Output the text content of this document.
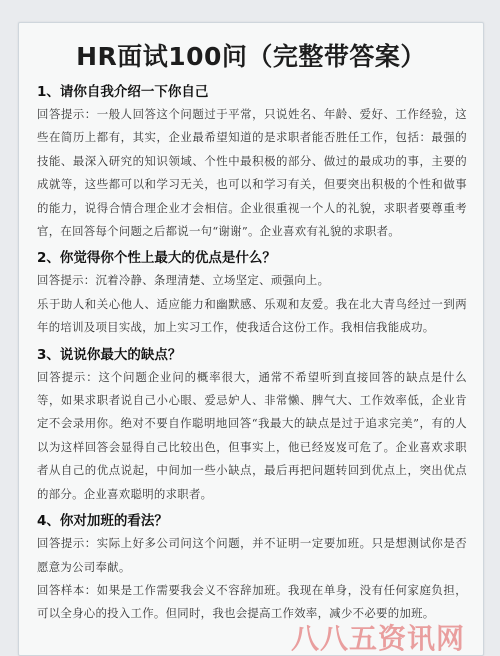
HR面试100问（完整带答案）

1、请你自我介绍一下你自己

回答提示：一般人回答这个问题过于平常，只说姓名、年龄、爱好、工作经验，这些在简历上都有，其实，企业最希望知道的是求职者能否胜任工作，包括：最强的技能、最深入研究的知识领域、个性中最积极的部分、做过的最成功的事，主要的成就等，这些都可以和学习无关，也可以和学习有关，但要突出积极的个性和做事的能力，说得合情合理企业才会相信。企业很重视一个人的礼貌，求职者要尊重考官，在回答每个问题之后都说一句“谢谢”。企业喜欢有礼貌的求职者。

2、你觉得你个性上最大的优点是什么？

回答提示：沉着冷静、条理清楚、立场坚定、顽强向上。

乐于助人和关心他人、适应能力和幽默感、乐观和友爱。我在北大青鸟经过一到两年的培训及项目实战，加上实习工作，使我适合这份工作。我相信我能成功。

3、说说你最大的缺点？

回答提示：这个问题企业问的概率很大，通常不希望听到直接回答的缺点是什么等，如果求职者说自己小心眼、爱忌妒人、非常懒、脾气大、工作效率低，企业肯定不会录用你。绝对不要自作聪明地回答“我最大的缺点是过于追求完美”，有的人以为这样回答会显得自己比较出色，但事实上，他已经岌岌可危了。企业喜欢求职者从自己的优点说起，中间加一些小缺点，最后再把问题转回到优点上，突出优点的部分。企业喜欢聪明的求职者。

4、你对加班的看法？

回答提示：实际上好多公司问这个问题，并不证明一定要加班。只是想测试你是否愿意为公司奉献。

回答样本：如果是工作需要我会义不容辞加班。我现在单身，没有任何家庭负担，可以全身心的投入工作。但同时，我也会提高工作效率，减少不必要的加班。

八八五资讯网
